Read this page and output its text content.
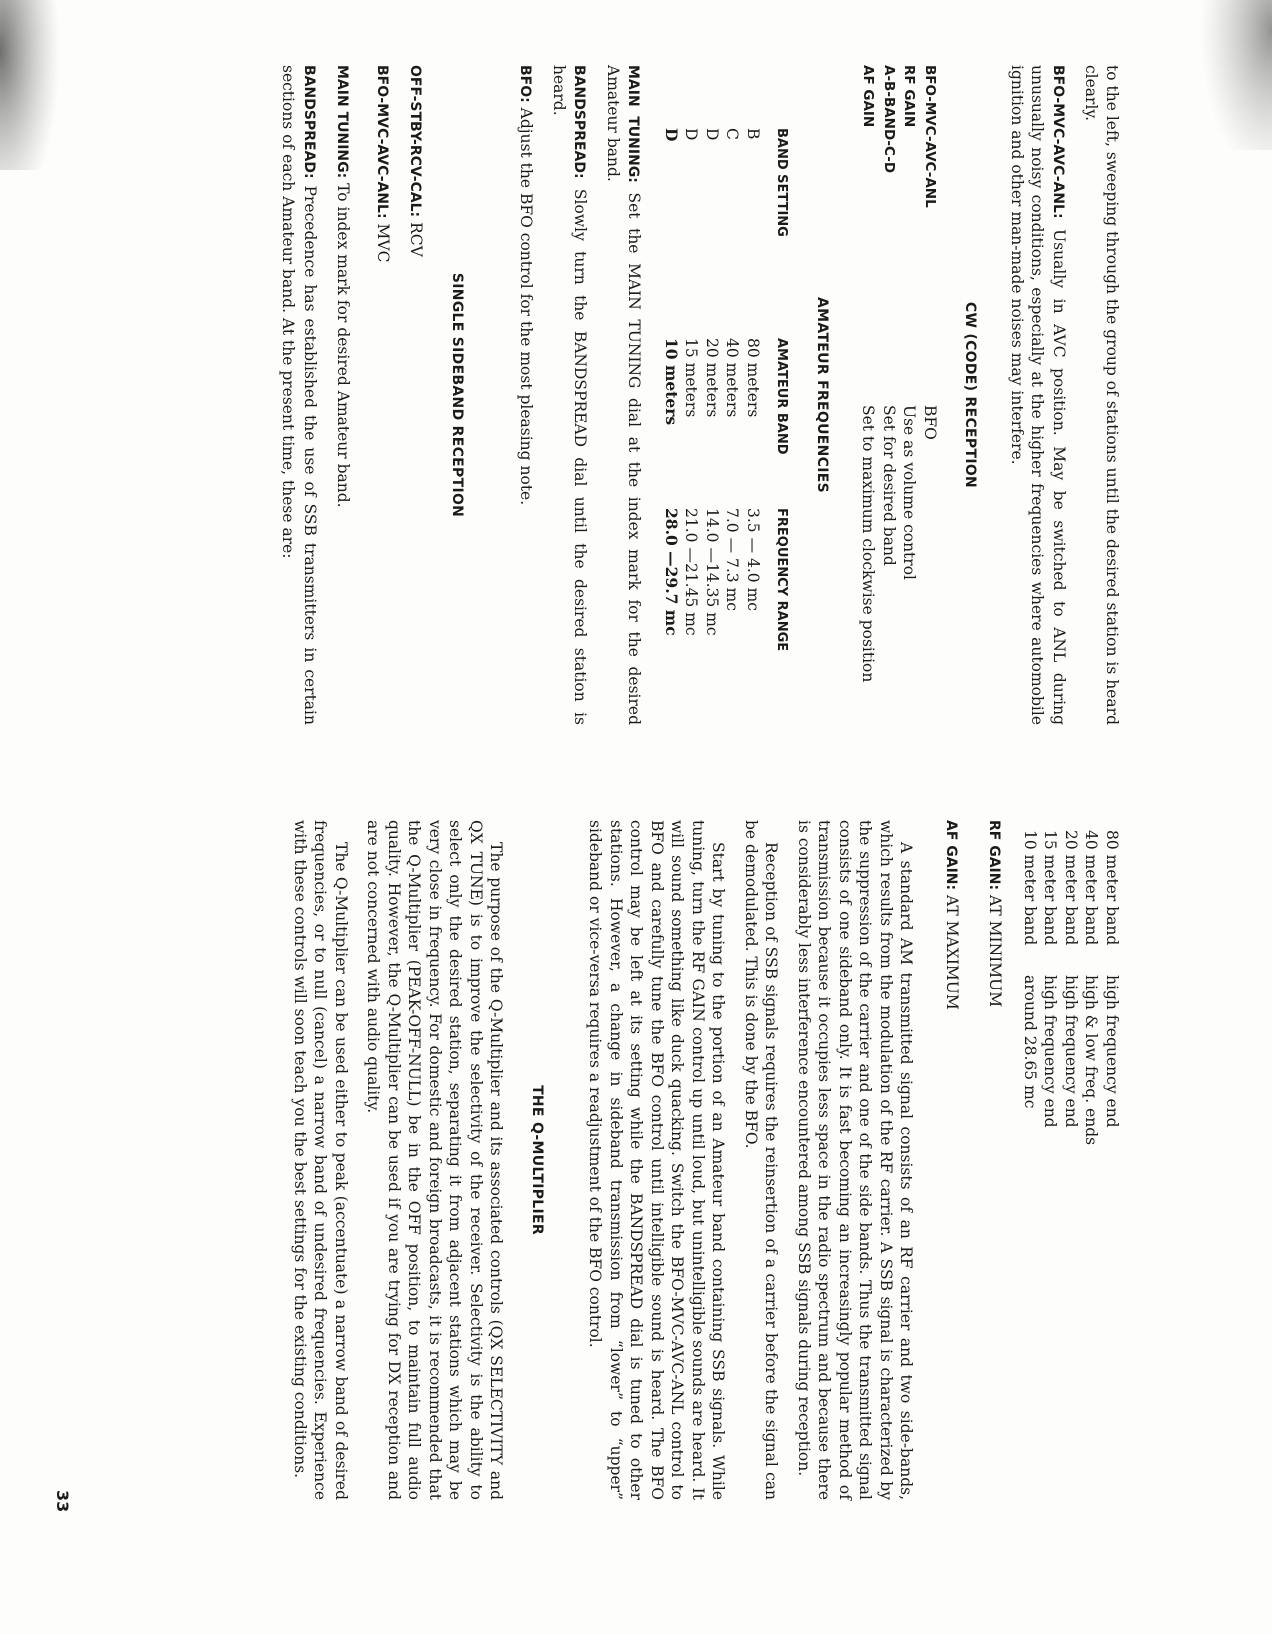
to the left, sweeping through the group of stations until the desired station is heard clearly.

BFO-MVC-AVC-ANL: Usually in AVC position. May be switched to ANL during unusually noisy conditions, especially at the higher frequencies where automobile ignition and other man-made noises may interfere.

CW (CODE) RECEPTION
BFO-MVC-AVC-ANL	BFO
RF GAIN	Use as volume control
A-B-BAND-C-D	Set for desired band
AF GAIN	Set to maximum clockwise position
AMATEUR FREQUENCIES
BAND SETTING	AMATEUR BAND	FREQUENCY RANGE
B	80 meters	3.5 — 4.0 mc
C	40 meters	7.0 — 7.3 mc
D	20 meters	14.0 —14.35 mc
D	15 meters	21.0 —21.45 mc
D	10 meters	28.0 —29.7 mc

MAIN TUNING: Set the MAIN TUNING dial at the index mark for the desired Amateur band.

BANDSPREAD: Slowly turn the BANDSPREAD dial until the desired station is heard.

BFO: Adjust the BFO control for the most pleasing note.

SINGLE SIDEBAND RECEPTION

OFF-STBY-RCV-CAL: RCV

BFO-MVC-AVC-ANL: MVC

MAIN TUNING: To index mark for desired Amateur band.

BANDSPREAD: Precedence has established the use of SSB transmitters in certain sections of each Amateur band. At the present time, these are:

80 meter band	high frequency end
40 meter band	high & low freq. ends
20 meter band	high frequency end
15 meter band	high frequency end
10 meter band	around 28.65 mc

RF GAIN: AT MINIMUM

AF GAIN: AT MAXIMUM

A standard AM transmitted signal consists of an RF carrier and two side-bands, which results from the modulation of the RF carrier. A SSB signal is characterized by the suppression of the carrier and one of the side bands. Thus the transmitted signal consists of one sideband only. It is fast becoming an increasingly popular method of transmission because it occupies less space in the radio spectrum and because there is considerably less interference encountered among SSB signals during reception.

Reception of SSB signals requires the reinsertion of a carrier before the signal can be demodulated. This is done by the BFO.

Start by tuning to the portion of an Amateur band containing SSB signals. While tuning, turn the RF GAIN control up until loud, but unintelligible sounds are heard. It will sound something like duck quacking. Switch the BFO-MVC-AVC-ANL control to BFO and carefully tune the BFO control until intelligible sound is heard. The BFO control may be left at its setting while the BANDSPREAD dial is tuned to other stations. However, a change in sideband transmission from “lower” to “upper” sideband or vice-versa requires a readjustment of the BFO control.

THE Q-MULTIPLIER

The purpose of the Q-Multiplier and its associated controls (QX SELECTIVITY and QX TUNE) is to improve the selectivity of the receiver. Selectivity is the ability to select only the desired station, separating it from adjacent stations which may be very close in frequency. For domestic and foreign broadcasts, it is recommended that the Q-Multiplier (PEAK-OFF-NULL) be in the OFF position, to maintain full audio quality. However, the Q-Multiplier can be used if you are trying for DX reception and are not concerned with audio quality.

The Q-Multiplier can be used either to peak (accentuate) a narrow band of desired frequencies, or to null (cancel) a narrow band of undesired frequencies. Experience with these controls will soon teach you the best settings for the existing conditions.

33
